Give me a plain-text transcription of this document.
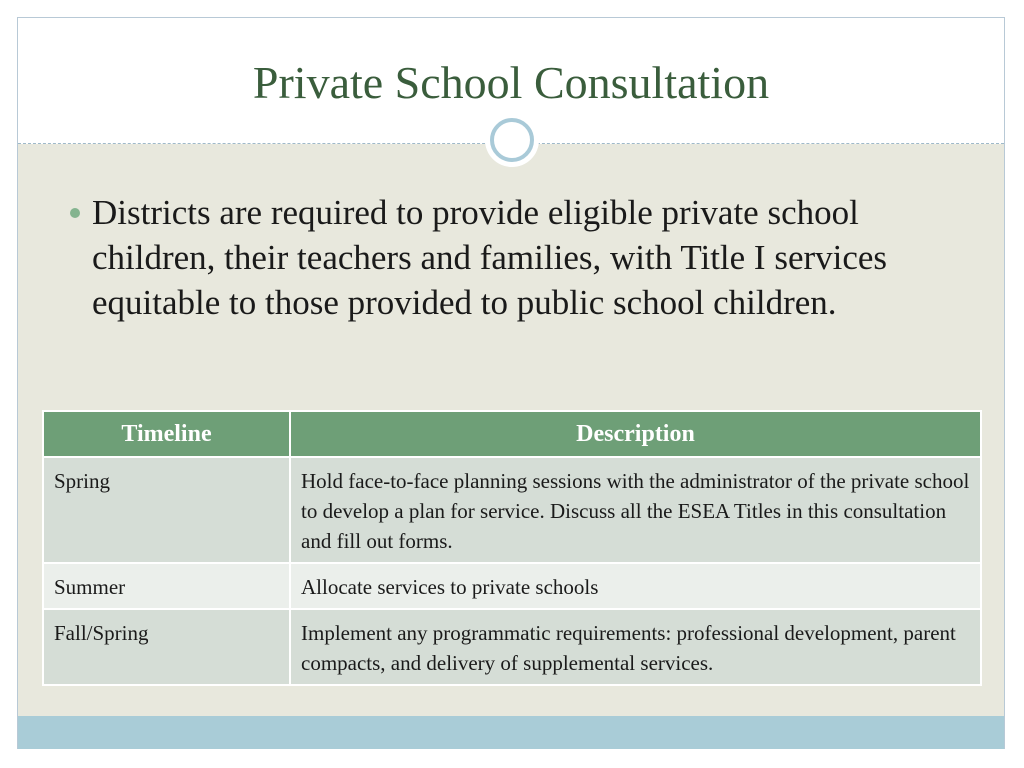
Private School Consultation
Districts are required to provide eligible private school children, their teachers and families, with Title I services equitable to those provided to public school children.
Timeline	Description
Spring	Hold face-to-face planning sessions with the administrator of the private school to develop a plan for service. Discuss all the ESEA Titles in this consultation and fill out forms.
Summer	Allocate services to private schools
Fall/Spring	Implement any programmatic requirements: professional development, parent compacts, and delivery of supplemental services.
